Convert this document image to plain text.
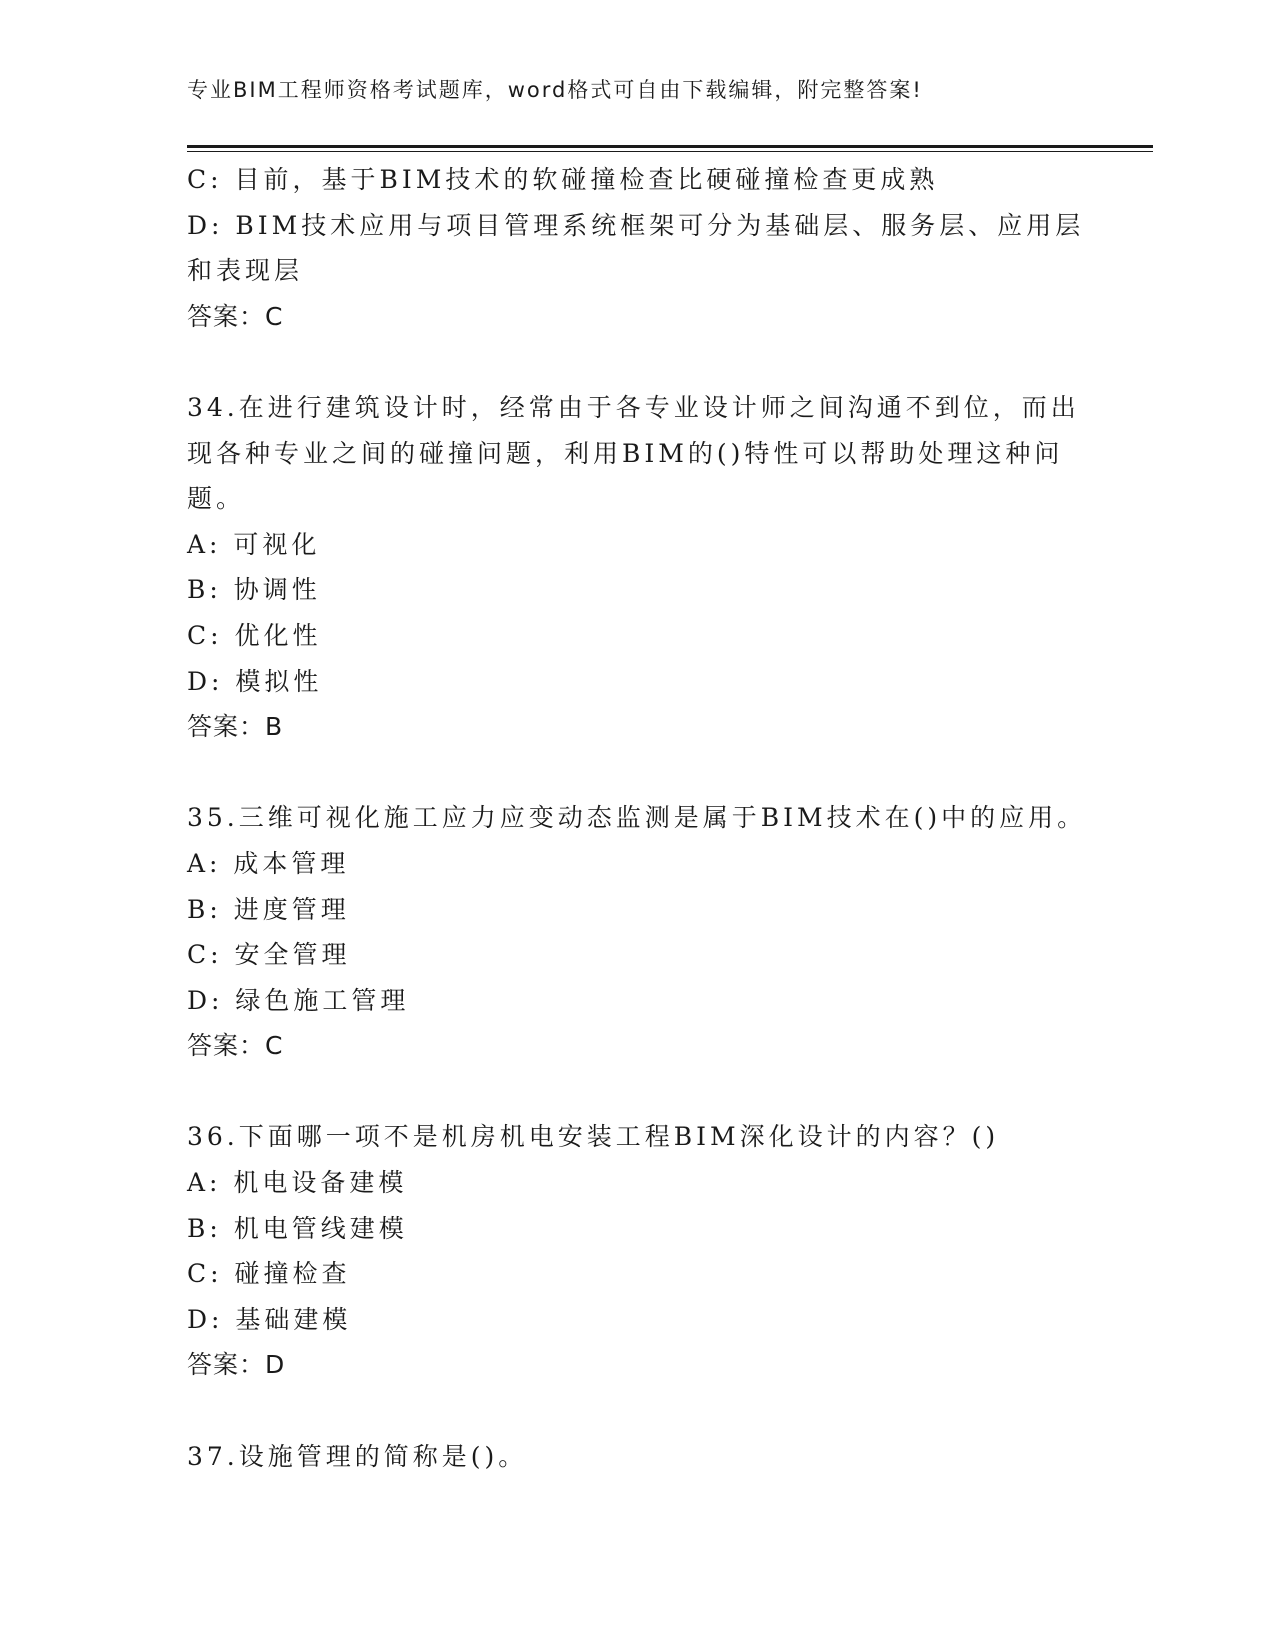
专业BIM工程师资格考试题库，word格式可自由下载编辑，附完整答案!
C: 目前，基于BIM技术的软碰撞检查比硬碰撞检查更成熟
D: BIM技术应用与项目管理系统框架可分为基础层、服务层、应用层
和表现层
答案：C
34.在进行建筑设计时，经常由于各专业设计师之间沟通不到位，而出
现各种专业之间的碰撞问题，利用BIM的()特性可以帮助处理这种问
题。
A: 可视化
B: 协调性
C: 优化性
D: 模拟性
答案：B
35.三维可视化施工应力应变动态监测是属于BIM技术在()中的应用。
A: 成本管理
B: 进度管理
C: 安全管理
D: 绿色施工管理
答案：C
36.下面哪一项不是机房机电安装工程BIM深化设计的内容？()
A: 机电设备建模
B: 机电管线建模
C: 碰撞检查
D: 基础建模
答案：D
37.设施管理的简称是()。
